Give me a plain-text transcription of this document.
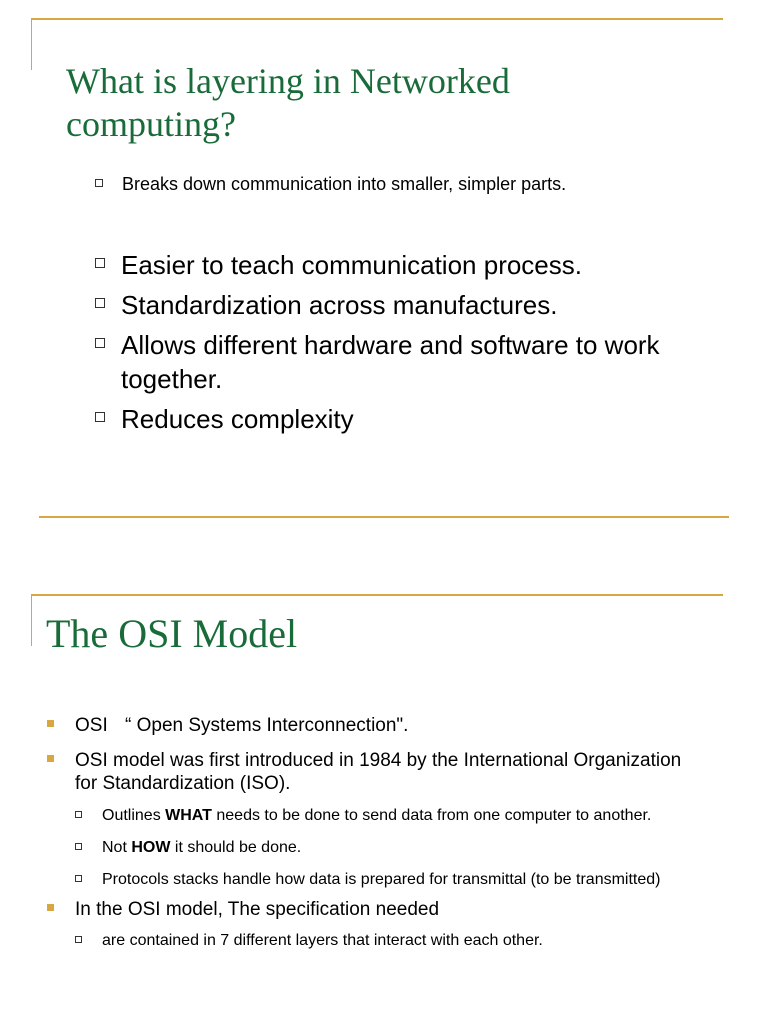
What is layering in Networked computing?
Breaks down communication into smaller, simpler parts.
Easier to teach communication process.
Standardization across manufactures.
Allows different hardware and software to work together.
Reduces complexity
The OSI Model
OSI “ Open Systems Interconnection".
OSI model was first introduced in 1984 by the International Organization for Standardization (ISO).
Outlines WHAT needs to be done to send data from one computer to another.
Not HOW it should be done.
Protocols stacks handle how data is prepared for transmittal (to be transmitted)
In the OSI model, The specification needed
are contained in 7 different layers that interact with each other.
